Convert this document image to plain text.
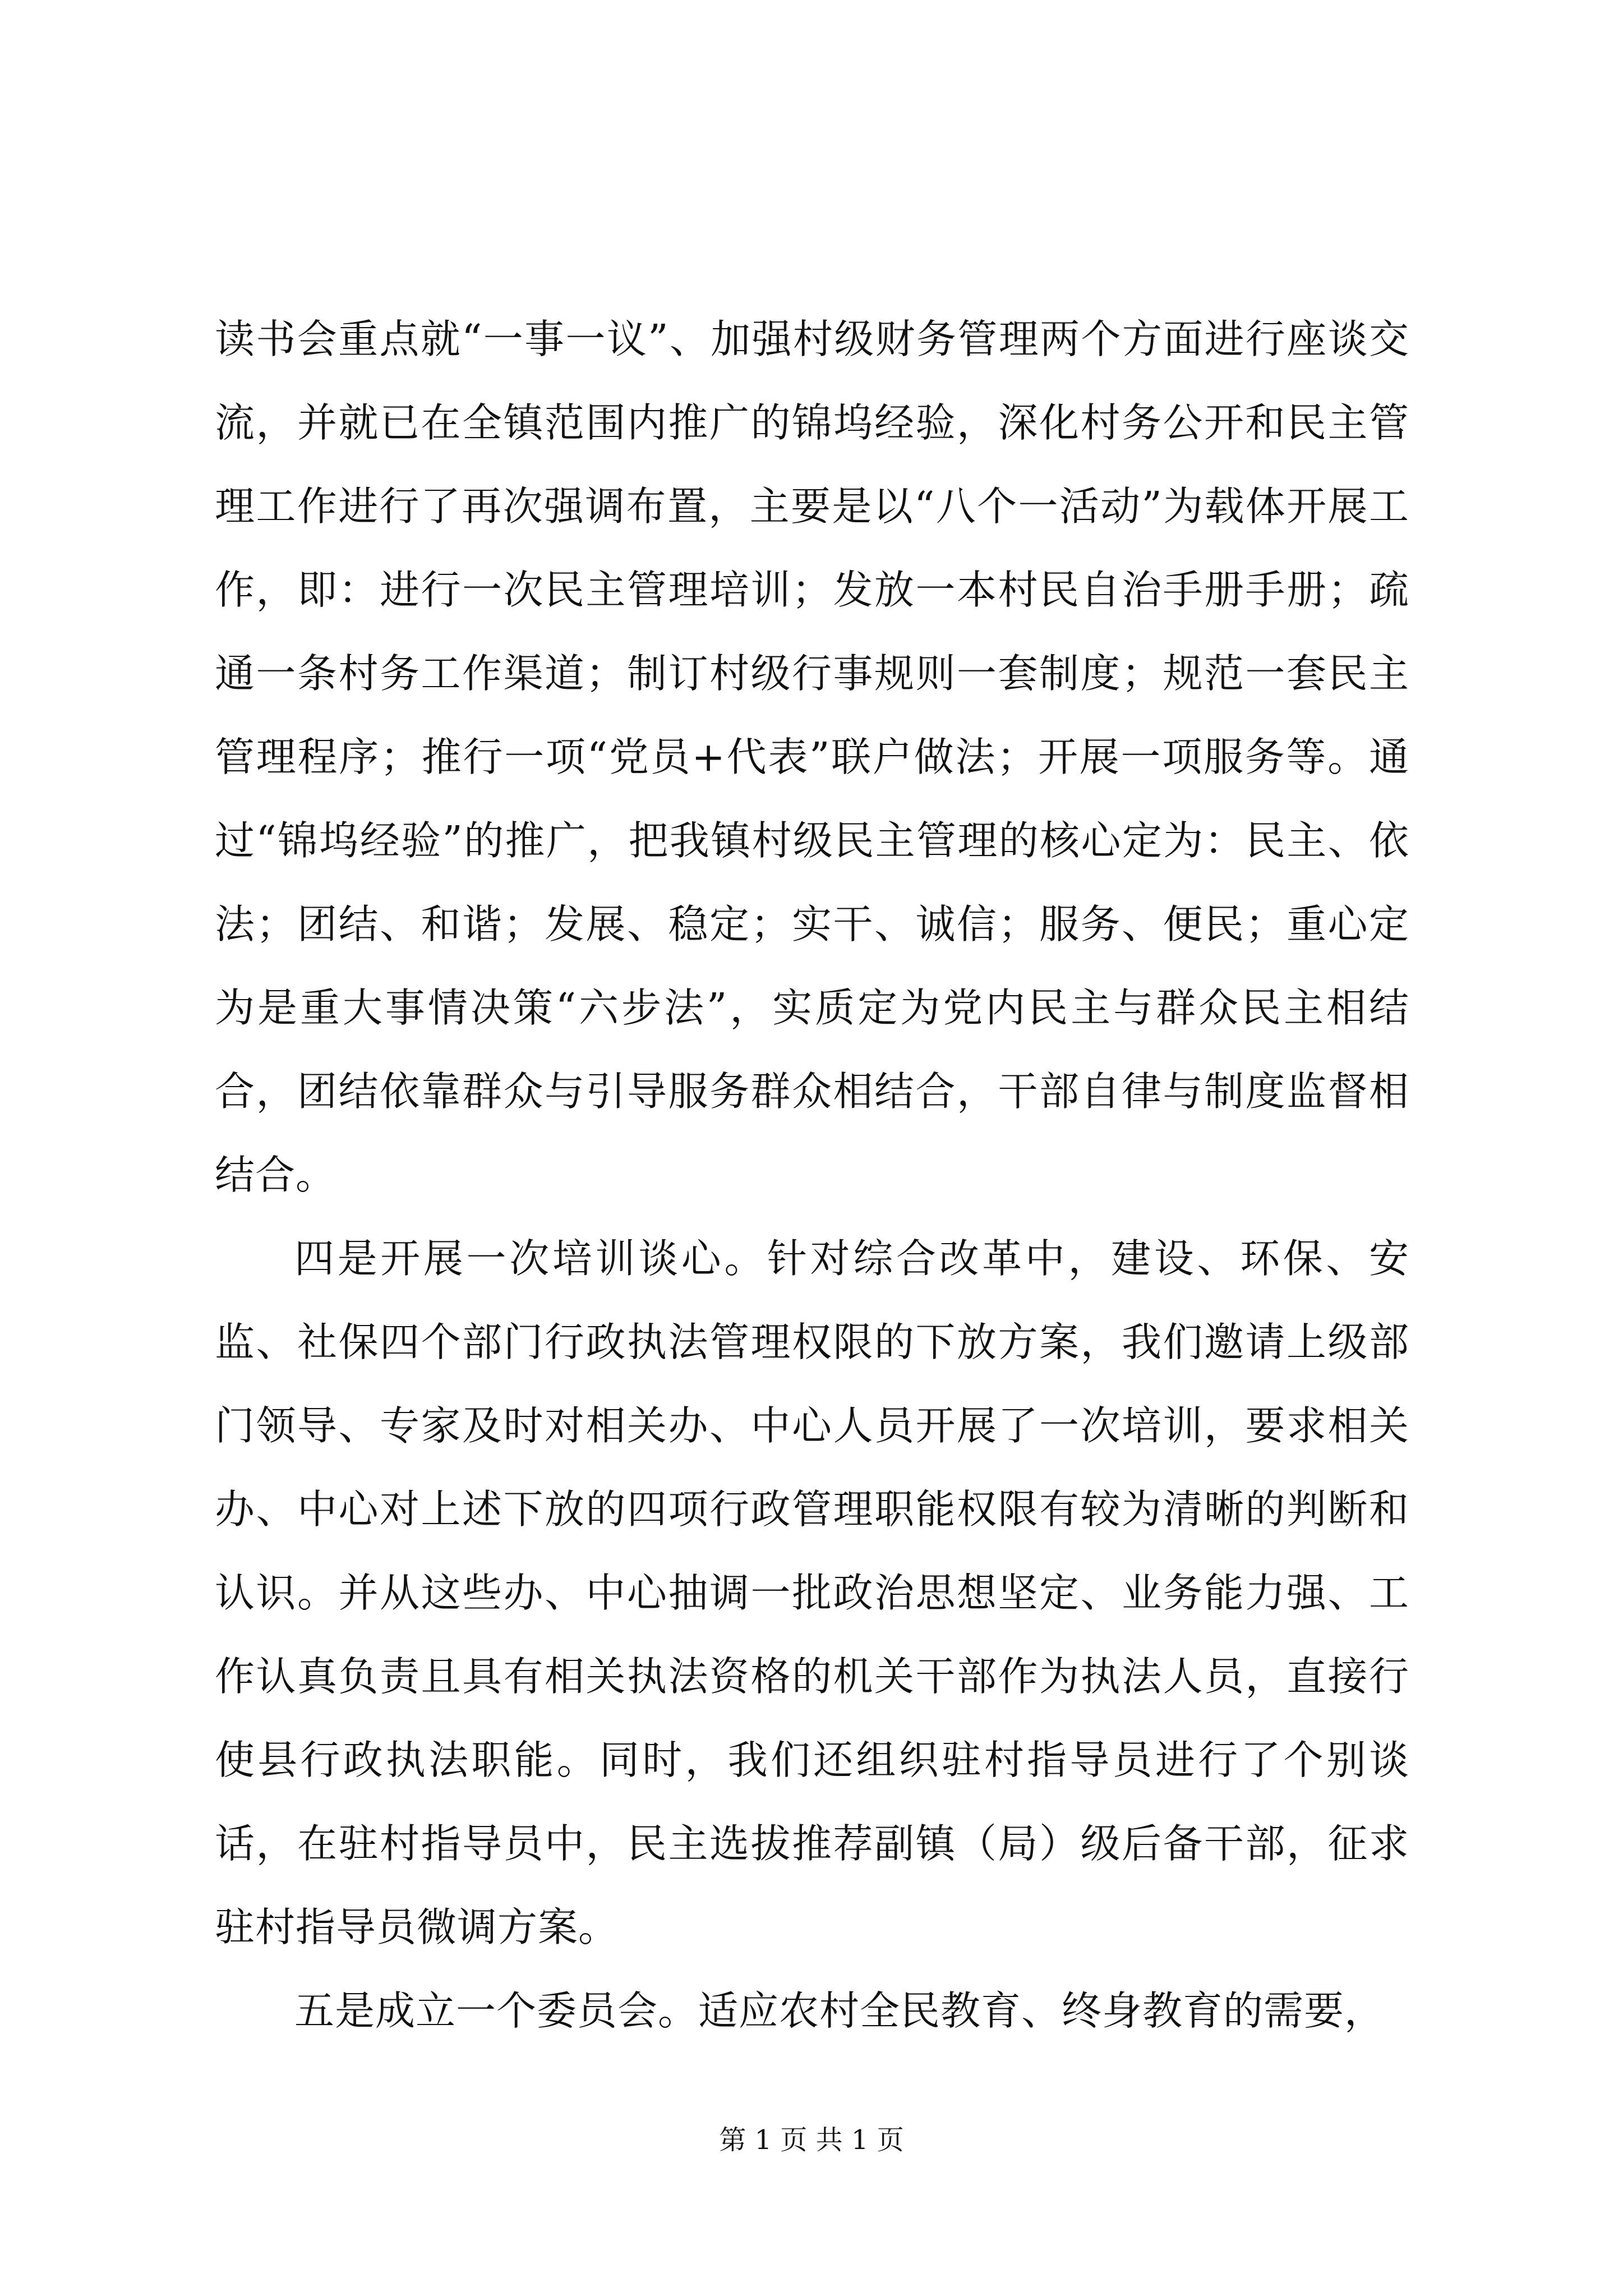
读书会重点就“一事一议”、加强村级财务管理两个方面进行座谈交流，并就已在全镇范围内推广的锦坞经验，深化村务公开和民主管理工作进行了再次强调布置，主要是以“八个一活动”为载体开展工作，即：进行一次民主管理培训；发放一本村民自治手册手册；疏通一条村务工作渠道；制订村级行事规则一套制度；规范一套民主管理程序；推行一项“党员+代表”联户做法；开展一项服务等。通过“锦坞经验”的推广，把我镇村级民主管理的核心定为：民主、依法；团结、和谐；发展、稳定；实干、诚信；服务、便民；重心定为是重大事情决策“六步法”，实质定为党内民主与群众民主相结合，团结依靠群众与引导服务群众相结合，干部自律与制度监督相结合。

四是开展一次培训谈心。针对综合改革中，建设、环保、安监、社保四个部门行政执法管理权限的下放方案，我们邀请上级部门领导、专家及时对相关办、中心人员开展了一次培训，要求相关办、中心对上述下放的四项行政管理职能权限有较为清晰的判断和认识。并从这些办、中心抽调一批政治思想坚定、业务能力强、工作认真负责且具有相关执法资格的机关干部作为执法人员，直接行使县行政执法职能。同时，我们还组织驻村指导员进行了个别谈话，在驻村指导员中，民主选拔推荐副镇（局）级后备干部，征求驻村指导员微调方案。

五是成立一个委员会。适应农村全民教育、终身教育的需要，

第 1 页 共 1 页
